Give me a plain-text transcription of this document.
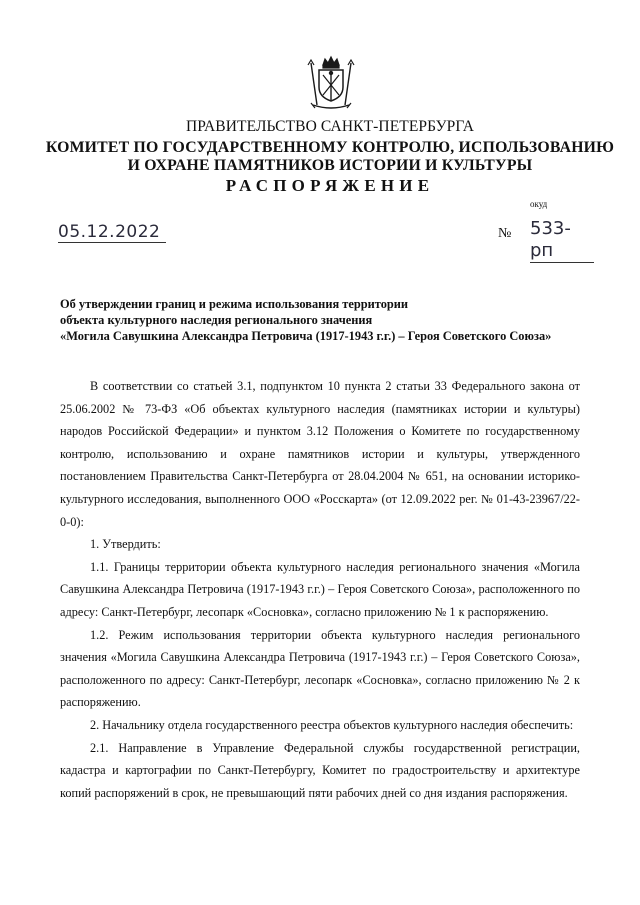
ПРАВИТЕЛЬСТВО САНКТ-ПЕТЕРБУРГА
КОМИТЕТ ПО ГОСУДАРСТВЕННОМУ КОНТРОЛЮ, ИСПОЛЬЗОВАНИЮ
И ОХРАНЕ ПАМЯТНИКОВ ИСТОРИИ И КУЛЬТУРЫ
РАСПОРЯЖЕНИЕ
окуд
05.12.2022	№ 533-рп
Об утверждении границ и режима использования территории
объекта культурного наследия регионального значения
«Могила Савушкина Александра Петровича (1917-1943 г.г.) – Героя Советского Союза»

В соответствии со статьей 3.1, подпунктом 10 пункта 2 статьи 33 Федерального закона от 25.06.2002 № 73-ФЗ «Об объектах культурного наследия (памятниках истории и культуры) народов Российской Федерации» и пунктом 3.12 Положения о Комитете по государственному контролю, использованию и охране памятников истории и культуры, утвержденного постановлением Правительства Санкт-Петербурга от 28.04.2004 № 651, на основании историко-культурного исследования, выполненного ООО «Росскарта» (от 12.09.2022 рег. № 01-43-23967/22-0-0):

1. Утвердить:

1.1. Границы территории объекта культурного наследия регионального значения «Могила Савушкина Александра Петровича (1917-1943 г.г.) – Героя Советского Союза», расположенного по адресу: Санкт-Петербург, лесопарк «Сосновка», согласно приложению № 1 к распоряжению.

1.2. Режим использования территории объекта культурного наследия регионального значения «Могила Савушкина Александра Петровича (1917-1943 г.г.) – Героя Советского Союза», расположенного по адресу: Санкт-Петербург, лесопарк «Сосновка», согласно приложению № 2 к распоряжению.

2. Начальнику отдела государственного реестра объектов культурного наследия обеспечить:

2.1. Направление в Управление Федеральной службы государственной регистрации, кадастра и картографии по Санкт-Петербургу, Комитет по градостроительству и архитектуре копий распоряжений в срок, не превышающий пяти рабочих дней со дня издания распоряжения.
